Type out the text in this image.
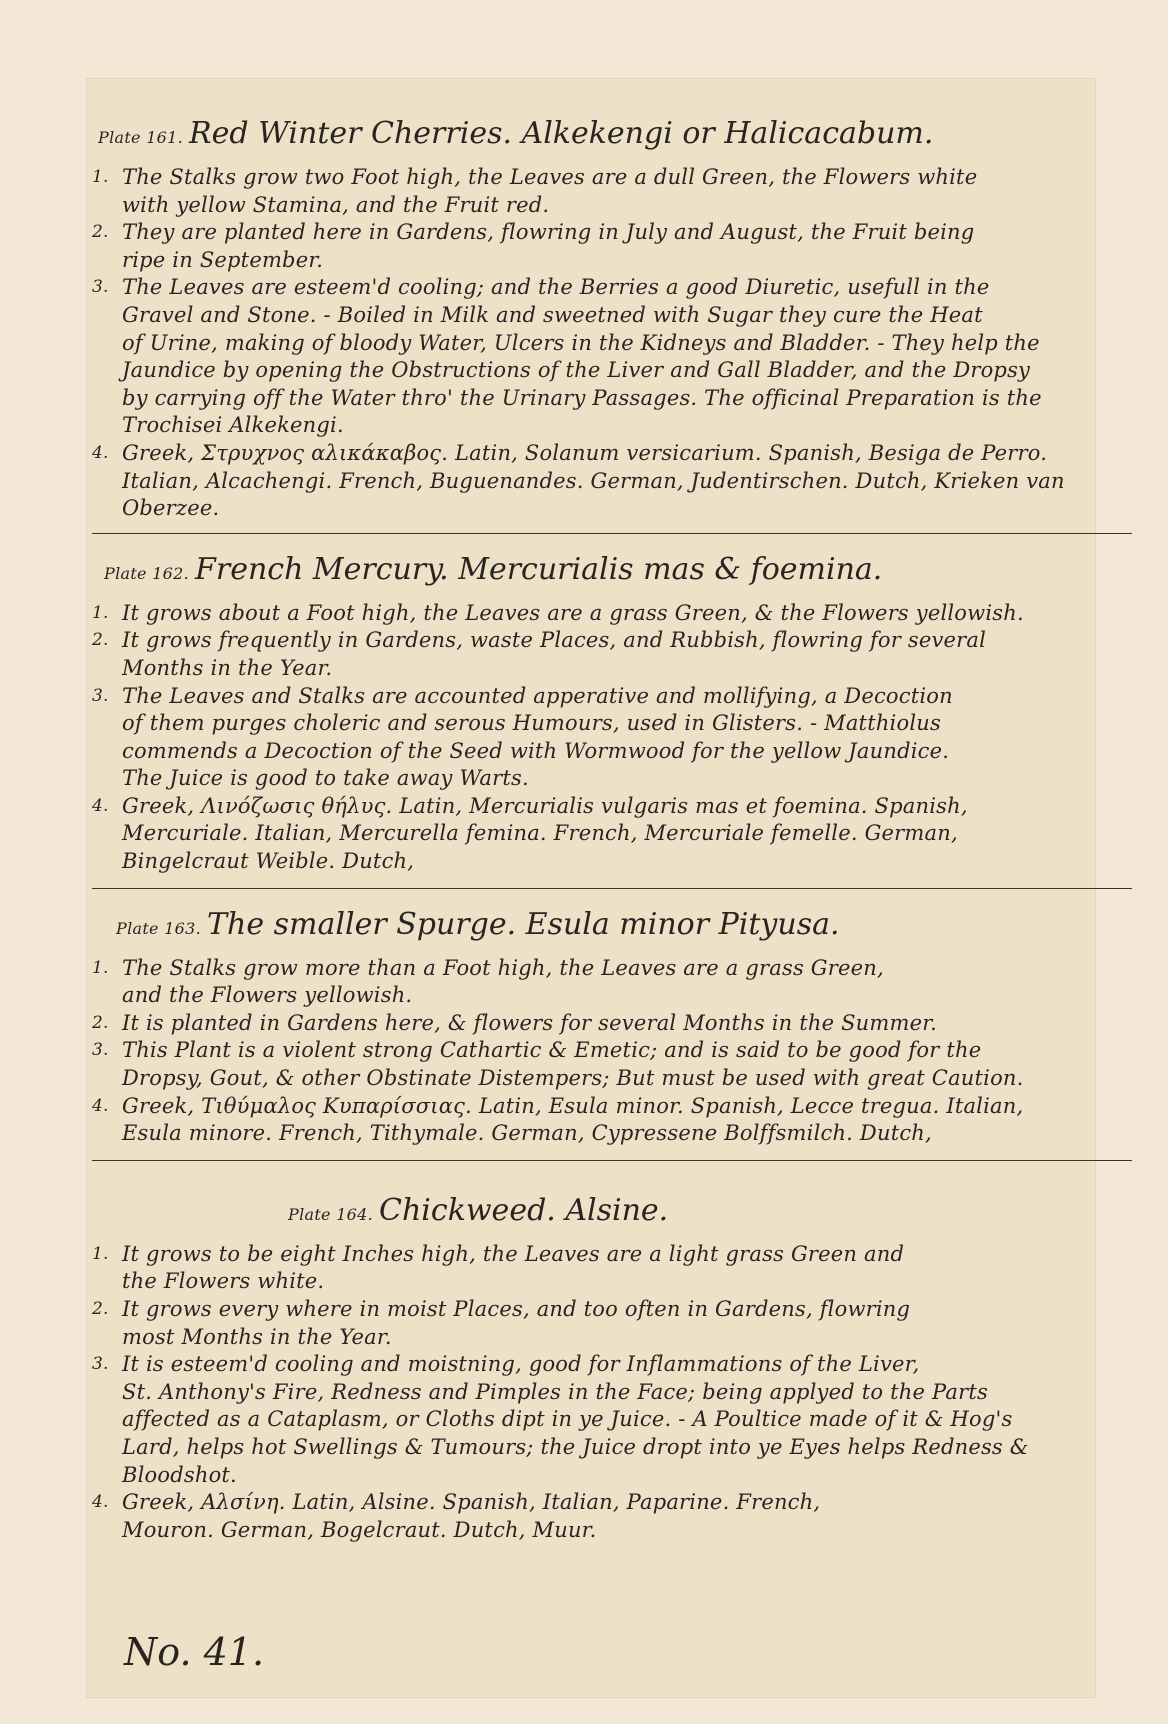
Plate 161. Red Winter Cherries. Alkekengi or Halicacabum.
1. The Stalks grow two Foot high, the Leaves are a dull Green, the Flowers white
with yellow Stamina, and the Fruit red.
2. They are planted here in Gardens, flowring in July and August, the Fruit being
ripe in September.
3. The Leaves are esteem'd cooling; and the Berries a good Diuretic, usefull in the
Gravel and Stone. - Boiled in Milk and sweetned with Sugar they cure the Heat
of Urine, making of bloody Water, Ulcers in the Kidneys and Bladder. - They help the
Jaundice by opening the Obstructions of the Liver and Gall Bladder, and the Dropsy
by carrying off the Water thro' the Urinary Passages. The officinal Preparation is the
Trochisei Alkekengi.
4. Greek, Στρυχνος αλικάκαβος. Latin, Solanum versicarium. Spanish, Besiga de Perro.
Italian, Alcachengi. French, Buguenandes. German, Judentirschen. Dutch, Krieken van Oberzee.
Plate 162. French Mercury. Mercurialis mas & foemina.
1. It grows about a Foot high, the Leaves are a grass Green, & the Flowers yellowish.
2. It grows frequently in Gardens, waste Places, and Rubbish, flowring for several
Months in the Year.
3. The Leaves and Stalks are accounted apperative and mollifying, a Decoction
of them purges choleric and serous Humours, used in Glisters. - Matthiolus
commends a Decoction of the Seed with Wormwood for the yellow Jaundice.
The Juice is good to take away Warts.
4. Greek, Λινόζωσις θήλυς. Latin, Mercurialis vulgaris mas et foemina. Spanish,
Mercuriale. Italian, Mercurella femina. French, Mercuriale femelle. German,
Bingelcraut Weible. Dutch,
Plate 163. The smaller Spurge. Esula minor Pityusa.
1. The Stalks grow more than a Foot high, the Leaves are a grass Green,
and the Flowers yellowish.
2. It is planted in Gardens here, & flowers for several Months in the Summer.
3. This Plant is a violent strong Cathartic & Emetic; and is said to be good for the
Dropsy, Gout, & other Obstinate Distempers; But must be used with great Caution.
4. Greek, Τιθύμαλος Κυπαρίσσιας. Latin, Esula minor. Spanish, Lecce tregua. Italian,
Esula minore. French, Tithymale. German, Cypressene Bolffsmilch. Dutch,
Plate 164. Chickweed. Alsine.
1. It grows to be eight Inches high, the Leaves are a light grass Green and
the Flowers white.
2. It grows every where in moist Places, and too often in Gardens, flowring
most Months in the Year.
3. It is esteem'd cooling and moistning, good for Inflammations of the Liver,
St. Anthony's Fire, Redness and Pimples in the Face; being applyed to the Parts
affected as a Cataplasm, or Cloths dipt in ye Juice. - A Poultice made of it & Hog's
Lard, helps hot Swellings & Tumours; the Juice dropt into ye Eyes helps Redness & Bloodshot.
4. Greek, Αλσίνη. Latin, Alsine. Spanish, Italian, Paparine. French,
Mouron. German, Bogelcraut. Dutch, Muur.
No. 41.
